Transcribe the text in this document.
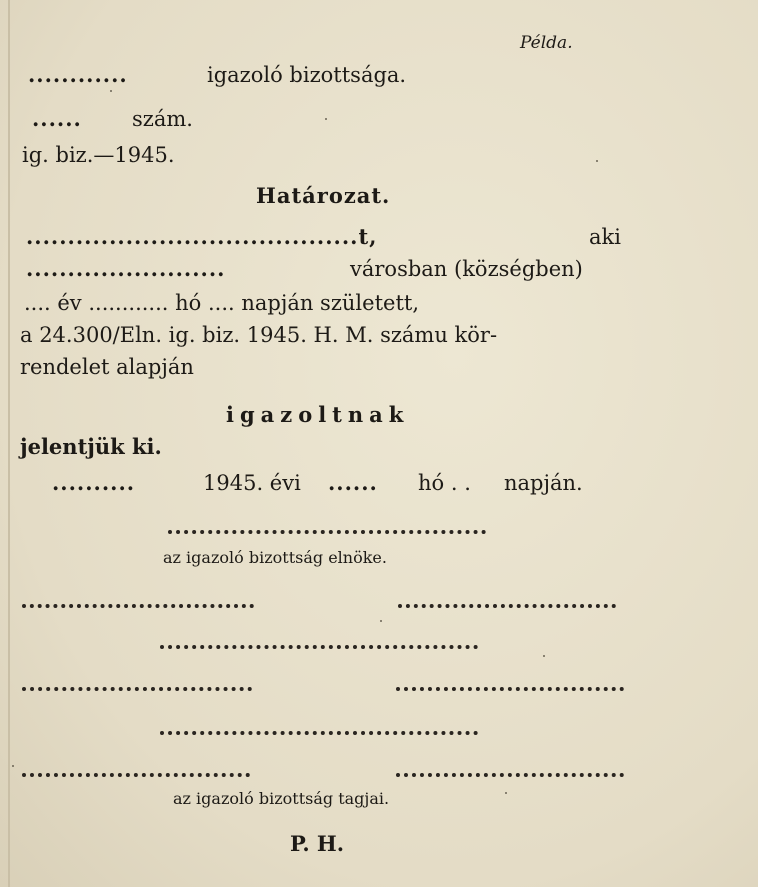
Példa.
............	igazoló bizottsága.
...... szám.
ig. biz.—1945.
Határozat.
........................................t,	aki
........................	városban (községben)
.... év ............ hó .... napján született,
a 24.300/Eln. ig. biz. 1945. H. M. számu kör-
rendelet alapján
igazoltnak
jelentjük ki.
..........	1945. évi ...... hó . . napján.
az igazoló bizottság elnöke.
az igazoló bizottság tagjai.
P. H.
